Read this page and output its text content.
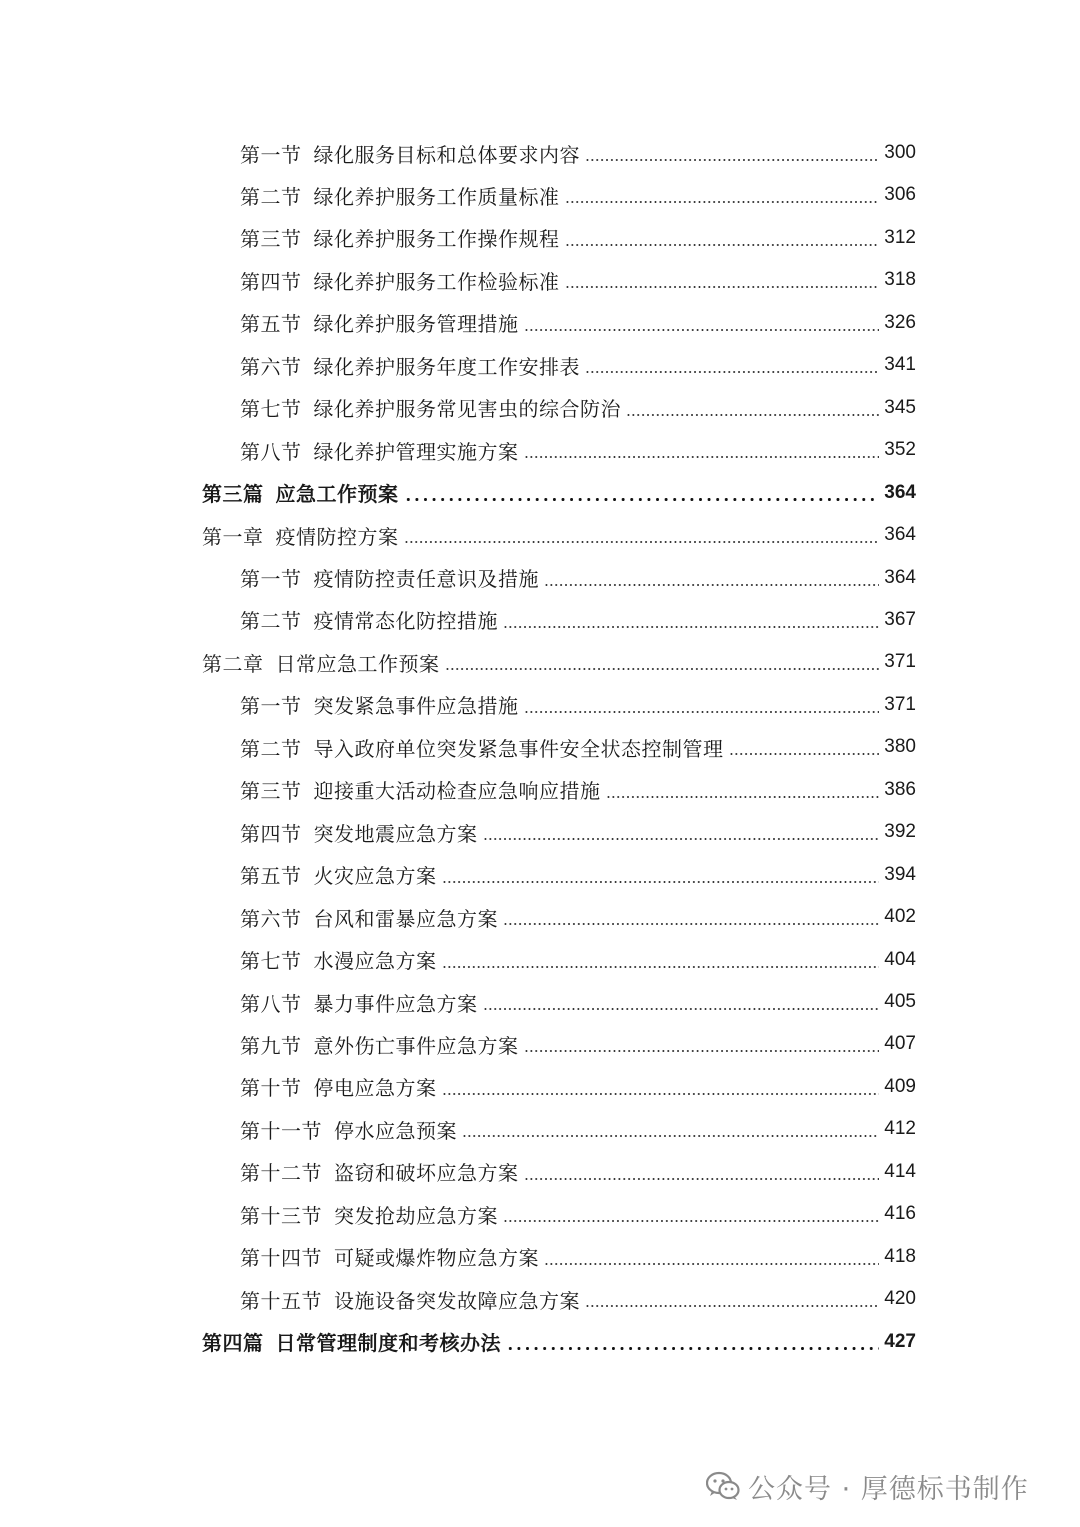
第一节 绿化服务目标和总体要求内容	300
第二节 绿化养护服务工作质量标准	306
第三节 绿化养护服务工作操作规程	312
第四节 绿化养护服务工作检验标准	318
第五节 绿化养护服务管理措施	326
第六节 绿化养护服务年度工作安排表	341
第七节 绿化养护服务常见害虫的综合防治	345
第八节 绿化养护管理实施方案	352
第三篇 应急工作预案	364
第一章 疫情防控方案	364
第一节 疫情防控责任意识及措施	364
第二节 疫情常态化防控措施	367
第二章 日常应急工作预案	371
第一节 突发紧急事件应急措施	371
第二节 导入政府单位突发紧急事件安全状态控制管理	380
第三节 迎接重大活动检查应急响应措施	386
第四节 突发地震应急方案	392
第五节 火灾应急方案	394
第六节 台风和雷暴应急方案	402
第七节 水漫应急方案	404
第八节 暴力事件应急方案	405
第九节 意外伤亡事件应急方案	407
第十节 停电应急方案	409
第十一节 停水应急预案	412
第十二节 盗窃和破坏应急方案	414
第十三节 突发抢劫应急方案	416
第十四节 可疑或爆炸物应急方案	418
第十五节 设施设备突发故障应急方案	420
第四篇 日常管理制度和考核办法	427
公众号 · 厚德标书制作
